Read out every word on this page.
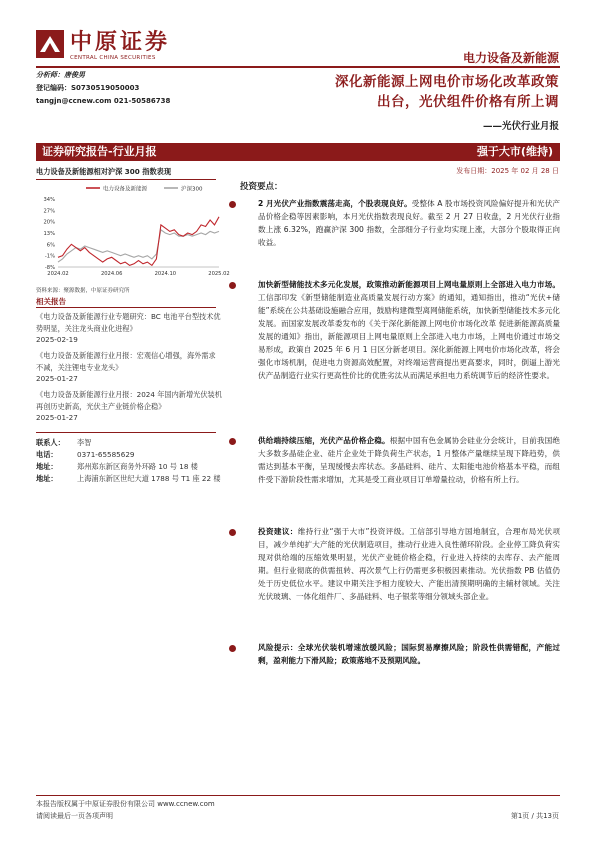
中原证券
CENTRAL CHINA SECURITIES	电力设备及新能源
分析师：唐俊男
登记编码：S0730519050003
tangjn@ccnew.com 021-50586738
深化新能源上网电价市场化改革政策
出台，光伏组件价格有所上调
——光伏行业月报
证券研究报告-行业月报	强于大市(维持)
发布日期：2025 年 02 月 28 日
电力设备及新能源相对沪深 300 指数表现
电力设备及新能源	沪深300
34%
27%
20%
13%
6%
-1%
-8%
2024.02	2024.06	2024.10	2025.02
资料来源：聚源数据，中原证券研究所
相关报告
《电力设备及新能源行业专题研究：BC 电池平台型技术优势明显，关注龙头商业化进程》
2025-02-19
《电力设备及新能源行业月报：宏观信心增强，海外需求不减，关注锂电专业龙头》
2025-01-27
《电力设备及新能源行业月报：2024 年国内新增光伏装机再创历史新高，光伏主产业链价格企稳》
2025-01-27
联系人： 李智
电话：	0371-65585629
地址：	郑州郑东新区商务外环路 10 号 18 楼
地址：	上海浦东新区世纪大道 1788 号 T1 座 22 楼
投资要点：
2 月光伏产业指数震荡走高，个股表现良好。受整体 A 股市场投资风险偏好提升和光伏产品价格企稳等因素影响，本月光伏指数表现良好。截至 2 月 27 日收盘，2 月光伏行业指数上涨 6.32%，跑赢沪深 300 指数，全部细分子行业均实现上涨，大部分个股取得正向收益。
加快新型储能技术多元化发展，政策推动新能源项目上网电量原则上全部进入电力市场。工信部印发《新型储能制造业高质量发展行动方案》的通知，通知指出，推动“光伏+储能”系统在公共基础设施融合应用，鼓励构建微型离网储能系统，加快新型储能技术多元化发展。而国家发展改革委发布的《关于深化新能源上网电价市场化改革 促进新能源高质量发展的通知》指出，新能源项目上网电量原则上全部进入电力市场，上网电价通过市场交易形成，政策自 2025 年 6 月 1 日区分新老项目。深化新能源上网电价市场化改革，将会强化市场机制，促进电力资源高效配置，对终端运营商提出更高要求，同时，倒逼上游光伏产品制造行业实行更高性价比的优胜劣汰从而满足承担电力系统调节后的经济性要求。
供给端持续压缩，光伏产品价格企稳。根据中国有色金属协会硅业分会统计，目前我国绝大多数多晶硅企业、硅片企业处于降负荷生产状态，1 月整体产量继续呈现下降趋势，供需达到基本平衡，呈现缓慢去库状态。多晶硅料、硅片、太阳能电池价格基本平稳，而组件受下游阶段性需求增加，尤其是受工商业项目订单增量拉动，价格有所上行。
投资建议：维持行业“强于大市”投资评级。工信部引导地方国地制宜，合理布局光伏项目，减少单纯扩大产能的光伏制造项目，推动行业进入良性循环阶段。企业停工降负荷实现对供给端的压缩效果明显，光伏产业链价格企稳，行业进入持续的去库存、去产能周期。但行业彻底的供需扭转、再次景气上行仍需更多积极因素推动。光伏指数 PB 估值仍处于历史低位水平。建议中期关注予相力度较大、产能出清预期明确的主辅材领域。关注光伏玻璃、一体化组件厂、多晶硅料、电子银浆等细分领域头部企业。
风险提示：全球光伏装机增速放缓风险；国际贸易摩擦风险；阶段性供需错配，产能过剩，盈利能力下滑风险；政策落地不及预期风险。
本报告版权属于中原证券股份有限公司 www.ccnew.com
请阅读最后一页各项声明	第1页 / 共13页
